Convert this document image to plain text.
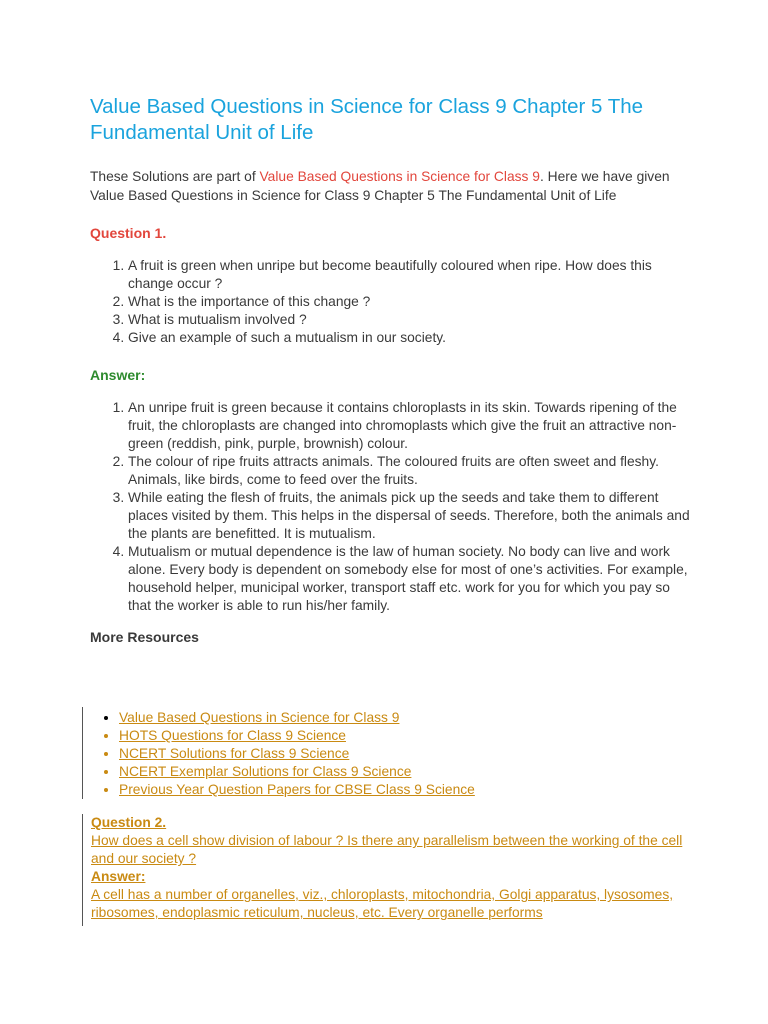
Value Based Questions in Science for Class 9 Chapter 5 The Fundamental Unit of Life

These Solutions are part of Value Based Questions in Science for Class 9. Here we have given Value Based Questions in Science for Class 9 Chapter 5 The Fundamental Unit of Life

Question 1.
1. A fruit is green when unripe but become beautifully coloured when ripe. How does this change occur ?
2. What is the importance of this change ?
3. What is mutualism involved ?
4. Give an example of such a mutualism in our society.
Answer:
1. An unripe fruit is green because it contains chloroplasts in its skin. Towards ripening of the fruit, the chloroplasts are changed into chromoplasts which give the fruit an attractive non-green (reddish, pink, purple, brownish) colour.
2. The colour of ripe fruits attracts animals. The coloured fruits are often sweet and fleshy. Animals, like birds, come to feed over the fruits.
3. While eating the flesh of fruits, the animals pick up the seeds and take them to different places visited by them. This helps in the dispersal of seeds. Therefore, both the animals and the plants are benefitted. It is mutualism.
4. Mutualism or mutual dependence is the law of human society. No body can live and work alone. Every body is dependent on somebody else for most of one’s activities. For example, household helper, municipal worker, transport staff etc. work for you for which you pay so that the worker is able to run his/her family.
More Resources
• Value Based Questions in Science for Class 9
• HOTS Questions for Class 9 Science
• NCERT Solutions for Class 9 Science
• NCERT Exemplar Solutions for Class 9 Science
• Previous Year Question Papers for CBSE Class 9 Science
Question 2.
How does a cell show division of labour ? Is there any parallelism between the working of the cell and our society ?
Answer:
A cell has a number of organelles, viz., chloroplasts, mitochondria, Golgi apparatus, lysosomes, ribosomes, endoplasmic reticulum, nucleus, etc. Every organelle performs
